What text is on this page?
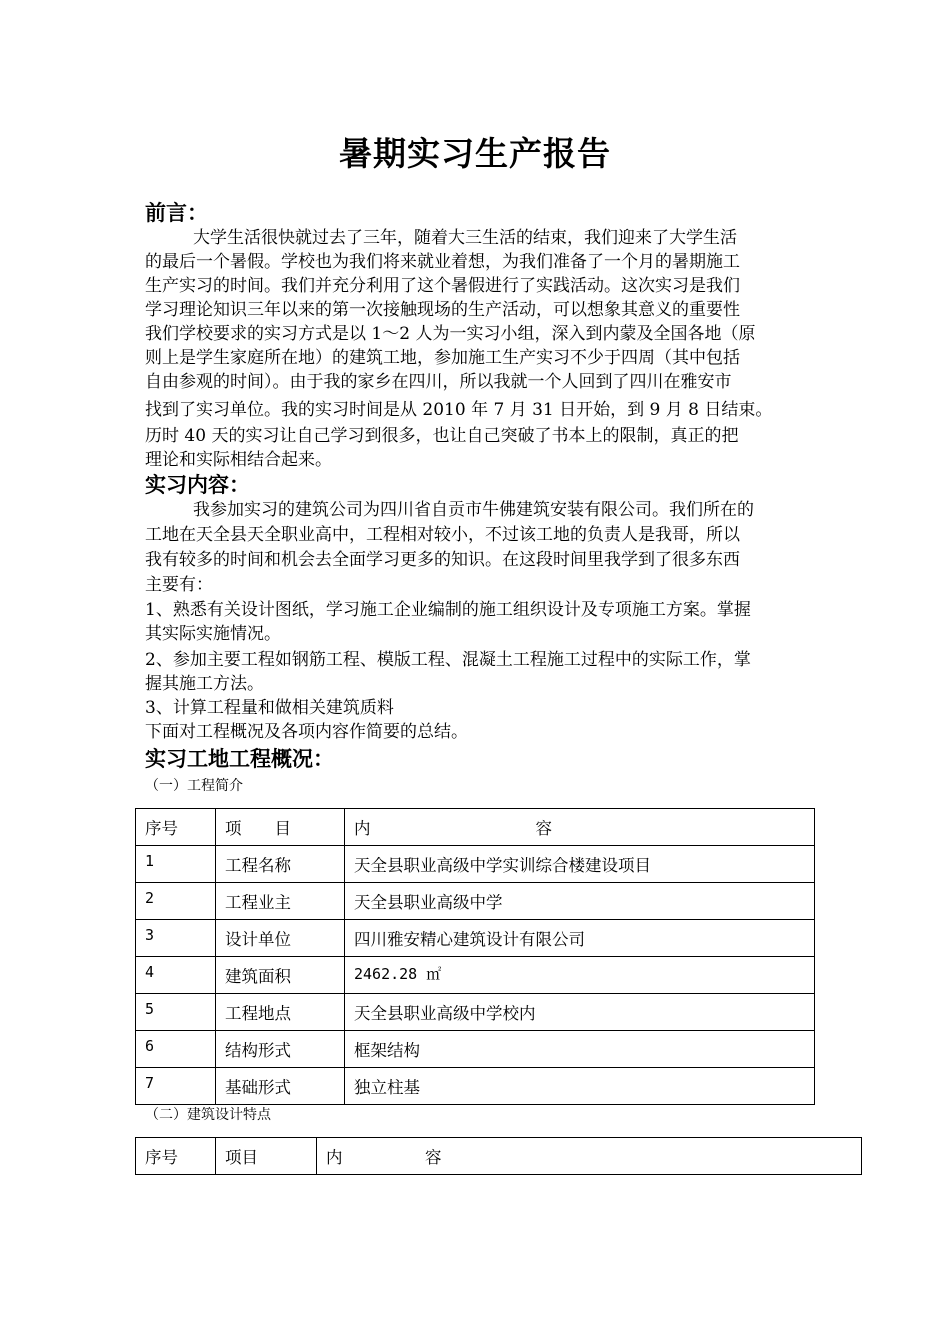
暑期实习生产报告
前言：
大学生活很快就过去了三年，随着大三生活的结束，我们迎来了大学生活
的最后一个暑假。学校也为我们将来就业着想，为我们准备了一个月的暑期施工
生产实习的时间。我们并充分利用了这个暑假进行了实践活动。这次实习是我们
学习理论知识三年以来的第一次接触现场的生产活动，可以想象其意义的重要性
我们学校要求的实习方式是以 1～2 人为一实习小组，深入到内蒙及全国各地（原
则上是学生家庭所在地）的建筑工地，参加施工生产实习不少于四周（其中包括
自由参观的时间）。由于我的家乡在四川，所以我就一个人回到了四川在雅安市
找到了实习单位。我的实习时间是从 2010 年 7 月 31 日开始，到 9 月 8 日结束。
历时 40 天的实习让自己学习到很多，也让自己突破了书本上的限制，真正的把
理论和实际相结合起来。
实习内容：
我参加实习的建筑公司为四川省自贡市牛佛建筑安装有限公司。我们所在的
工地在天全县天全职业高中，工程相对较小，不过该工地的负责人是我哥，所以
我有较多的时间和机会去全面学习更多的知识。在这段时间里我学到了很多东西
主要有：
1、熟悉有关设计图纸，学习施工企业编制的施工组织设计及专项施工方案。掌握
其实际实施情况。
2、参加主要工程如钢筋工程、模版工程、混凝土工程施工过程中的实际工作，掌
握其施工方法。
3、计算工程量和做相关建筑质料
下面对工程概况及各项内容作简要的总结。
实习工地工程概况：
（一）工程简介
序号	项　　目	内　　　　　　　　　　容
1	工程名称	天全县职业高级中学实训综合楼建设项目
2	工程业主	天全县职业高级中学
3	设计单位	四川雅安精心建筑设计有限公司
4	建筑面积	2462.28 ㎡
5	工程地点	天全县职业高级中学校内
6	结构形式	框架结构
7	基础形式	独立柱基
（二）建筑设计特点
序号	项目	内　　　　　容
